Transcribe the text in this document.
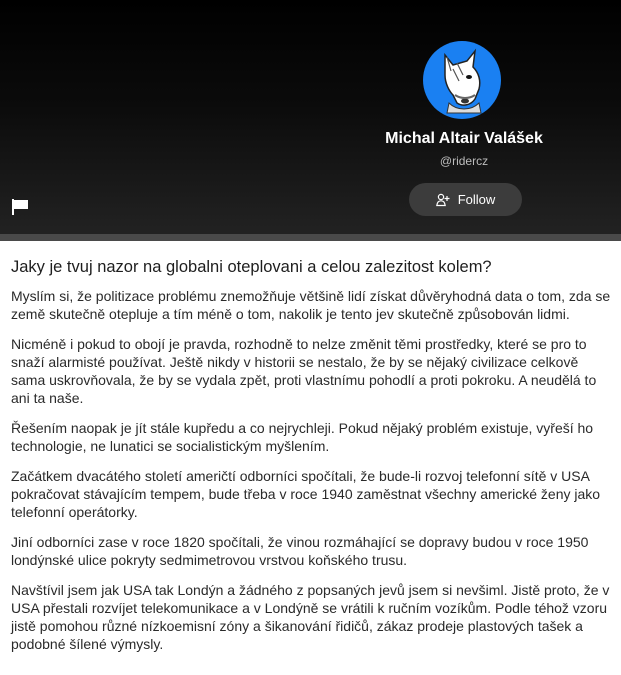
Michal Altair Valášek
@ridercz
Follow
Jaky je tvuj nazor na globalni oteplovani a celou zalezitost kolem?

Myslím si, že politizace problému znemožňuje většině lidí získat důvěryhodná data o tom, zda se země skutečně otepluje a tím méně o tom, nakolik je tento jev skutečně způsobován lidmi.

Nicméně i pokud to obojí je pravda, rozhodně to nelze změnit těmi prostředky, které se pro to snaží alarmisté používat. Ještě nikdy v historii se nestalo, že by se nějaký civilizace celkově sama uskrovňovala, že by se vydala zpět, proti vlastnímu pohodlí a proti pokroku. A neudělá to ani ta naše.

Řešením naopak je jít stále kupředu a co nejrychleji. Pokud nějaký problém existuje, vyřeší ho technologie, ne lunatici se socialistickým myšlením.

Začátkem dvacátého století američtí odborníci spočítali, že bude-li rozvoj telefonní sítě v USA pokračovat stávajícím tempem, bude třeba v roce 1940 zaměstnat všechny americké ženy jako telefonní operátorky.

Jiní odborníci zase v roce 1820 spočítali, že vinou rozmáhající se dopravy budou v roce 1950 londýnské ulice pokryty sedmimetrovou vrstvou koňského trusu.

Navštívil jsem jak USA tak Londýn a žádného z popsaných jevů jsem si nevšiml. Jistě proto, že v USA přestali rozvíjet telekomunikace a v Londýně se vrátili k ručním vozíkům. Podle téhož vzoru jistě pomohou různé nízkoemisní zóny a šikanování řidičů, zákaz prodeje plastových tašek a podobné šílené výmysly.
